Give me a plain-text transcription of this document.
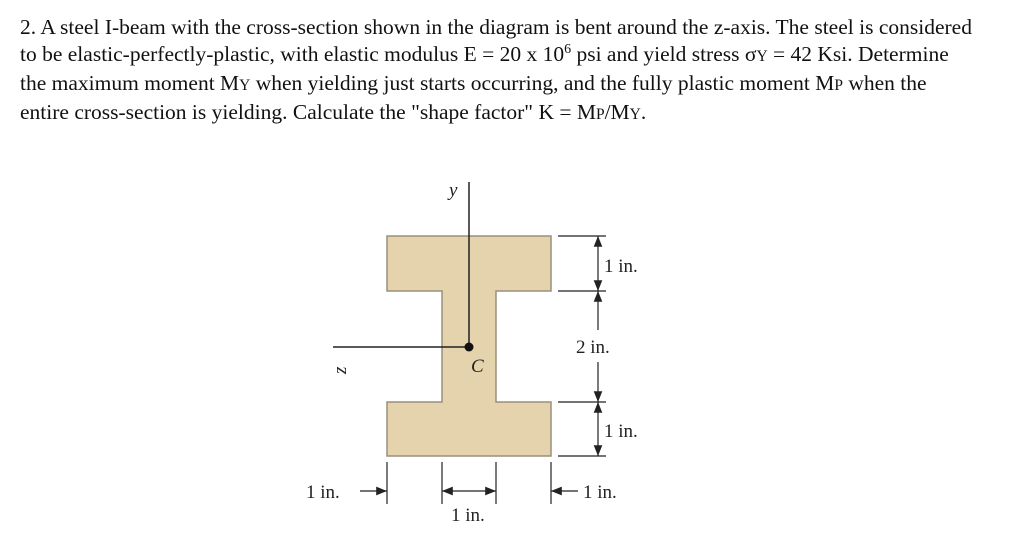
2. A steel I-beam with the cross-section shown in the diagram is bent around the z-axis. The steel is considered to be elastic-perfectly-plastic, with elastic modulus E = 20 x $10^6$ psi and yield stress σY = 42 Ksi. Determine the maximum moment MY when yielding just starts occurring, and the fully plastic moment MP when the entire cross-section is yielding. Calculate the "shape factor" K = MP/MY.

y
z	C
1 in.
2 in.
1 in.
1 in.
1 in.
1 in.
